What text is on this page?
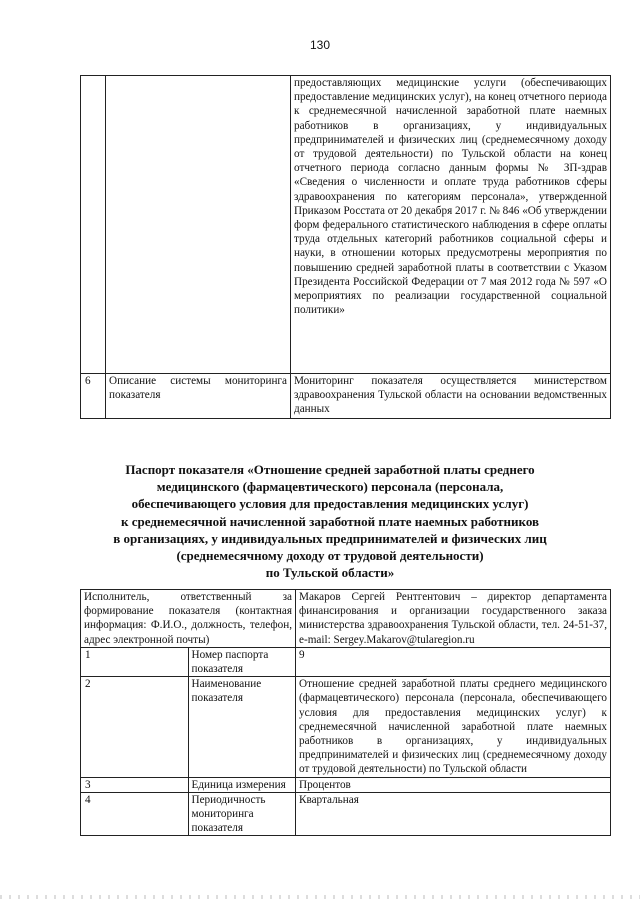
130
		предоставляющих медицинские услуги (обеспечивающих предоставление медицинских услуг), на конец отчетного периода к среднемесячной начисленной заработной плате наемных работников в организациях, у индивидуальных предпринимателей и физических лиц (среднемесячному доходу от трудовой деятельности) по Тульской области на конец отчетного периода согласно данным формы № ЗП-здрав «Сведения о численности и оплате труда работников сферы здравоохранения по категориям персонала», утвержденной Приказом Росстата от 20 декабря 2017 г. № 846 «Об утверждении форм федерального статистического наблюдения в сфере оплаты труда отдельных категорий работников социальной сферы и науки, в отношении которых предусмотрены мероприятия по повышению средней заработной платы в соответствии с Указом Президента Российской Федерации от 7 мая 2012 года № 597 «О мероприятиях по реализации государственной социальной политики»
6	Описание системы мониторинга показателя	Мониторинг показателя осуществляется министерством здравоохранения Тульской области на основании ведомственных данных
Паспорт показателя «Отношение средней заработной платы среднего
медицинского (фармацевтического) персонала (персонала,
обеспечивающего условия для предоставления медицинских услуг)
к среднемесячной начисленной заработной плате наемных работников
в организациях, у индивидуальных предпринимателей и физических лиц
(среднемесячному доходу от трудовой деятельности)
по Тульской области»
Исполнитель, ответственный за формирование показателя (контактная информация: Ф.И.О., должность, телефон, адрес электронной почты)		Макаров Сергей Рентгентович – директор департамента финансирования и организации государственного заказа министерства здравоохранения Тульской области, тел. 24-51-37, e-mail: Sergey.Makarov@tularegion.ru
1	Номер паспорта показателя	9
2	Наименование показателя	Отношение средней заработной платы среднего медицинского (фармацевтического) персонала (персонала, обеспечивающего условия для предоставления медицинских услуг) к среднемесячной начисленной заработной плате наемных работников в организациях, у индивидуальных предпринимателей и физических лиц (среднемесячному доходу от трудовой деятельности) по Тульской области
3	Единица измерения	Процентов
4	Периодичность мониторинга показателя	Квартальная
